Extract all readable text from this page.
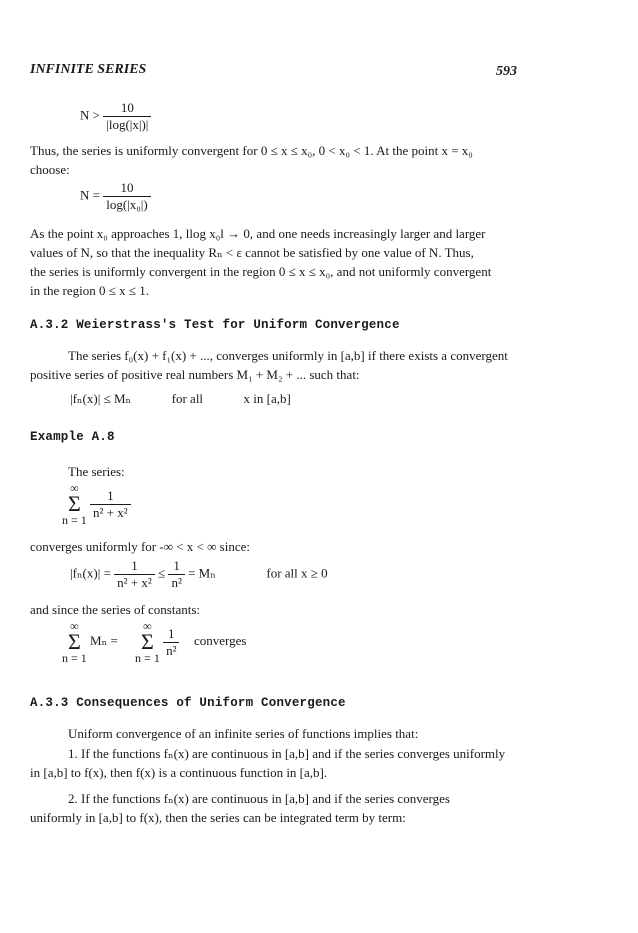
INFINITE SERIES	593
$N > \frac{10}{|\log(|x|)|}$
Thus, the series is uniformly convergent for 0 ≤ x ≤ x₀, 0 < x₀ < 1. At the point x = x₀
choose:
$N = \frac{10}{\text{log(|x₀|)}}$
As the point x₀ approaches 1, llog x₀l → 0, and one needs increasingly larger and larger
values of N, so that the inequality Rₙ < ε cannot be satisfied by one value of N. Thus,
the series is uniformly convergent in the region 0 ≤ x ≤ x₀, and not uniformly convergent
in the region 0 ≤ x ≤ 1.
A.3.2 Weierstrass's Test for Uniform Convergence
The series f₀(x) + f₁(x) + ..., converges uniformly in [a,b] if there exists a convergent
positive series of positive real numbers M₁ + M₂ + ... such that:
|fₙ(x)| ≤ Mₙ	for all	x in [a,b]
Example A.8
The series:
∞
Σ
n = 1
$\frac{1}{\text{n² + x²}}$
converges uniformly for -∞ < x < ∞ since:
$|f_n(x)| = \frac{1}{\text{n² + x²}} \le \frac{1}{\text{n²}} = M_n$	for all x ≥ 0
and since the series of constants:
∞
Σ
n = 1
Mₙ =
∞
Σ
n = 1
$\frac{1}{\text{n²}}$ converges
A.3.3 Consequences of Uniform Convergence
Uniform convergence of an infinite series of functions implies that:
1. If the functions fₙ(x) are continuous in [a,b] and if the series converges uniformly
in [a,b] to f(x), then f(x) is a continuous function in [a,b].
2. If the functions fₙ(x) are continuous in [a,b] and if the series converges
uniformly in [a,b] to f(x), then the series can be integrated term by term:
